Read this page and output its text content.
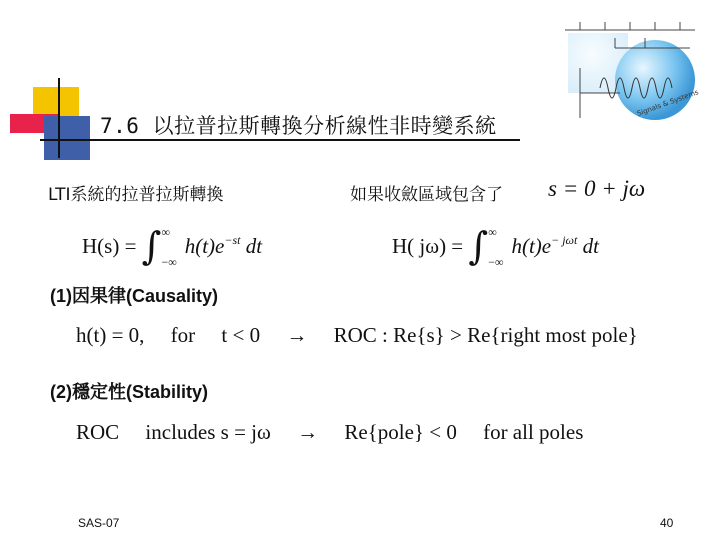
Signals & Systems
7.6 以拉普拉斯轉換分析線性非時變系統
LTI系統的拉普拉斯轉換	如果收斂區域包含了 s = 0 + jω
H(s) = ∫ ∞
−∞
$h(t)e^{-st}$ dt	H( jω) = ∫ ∞
−∞
$h(t)e^{- j\omega t}$ dt
(1)因果律(Causality)
h(t) = 0,     for     t < 0     →     ROC : Re{s} > Re{right most pole}
(2)穩定性(Stability)
ROC     includes s = jω     →     Re{pole} < 0     for all poles
SAS-07	40
